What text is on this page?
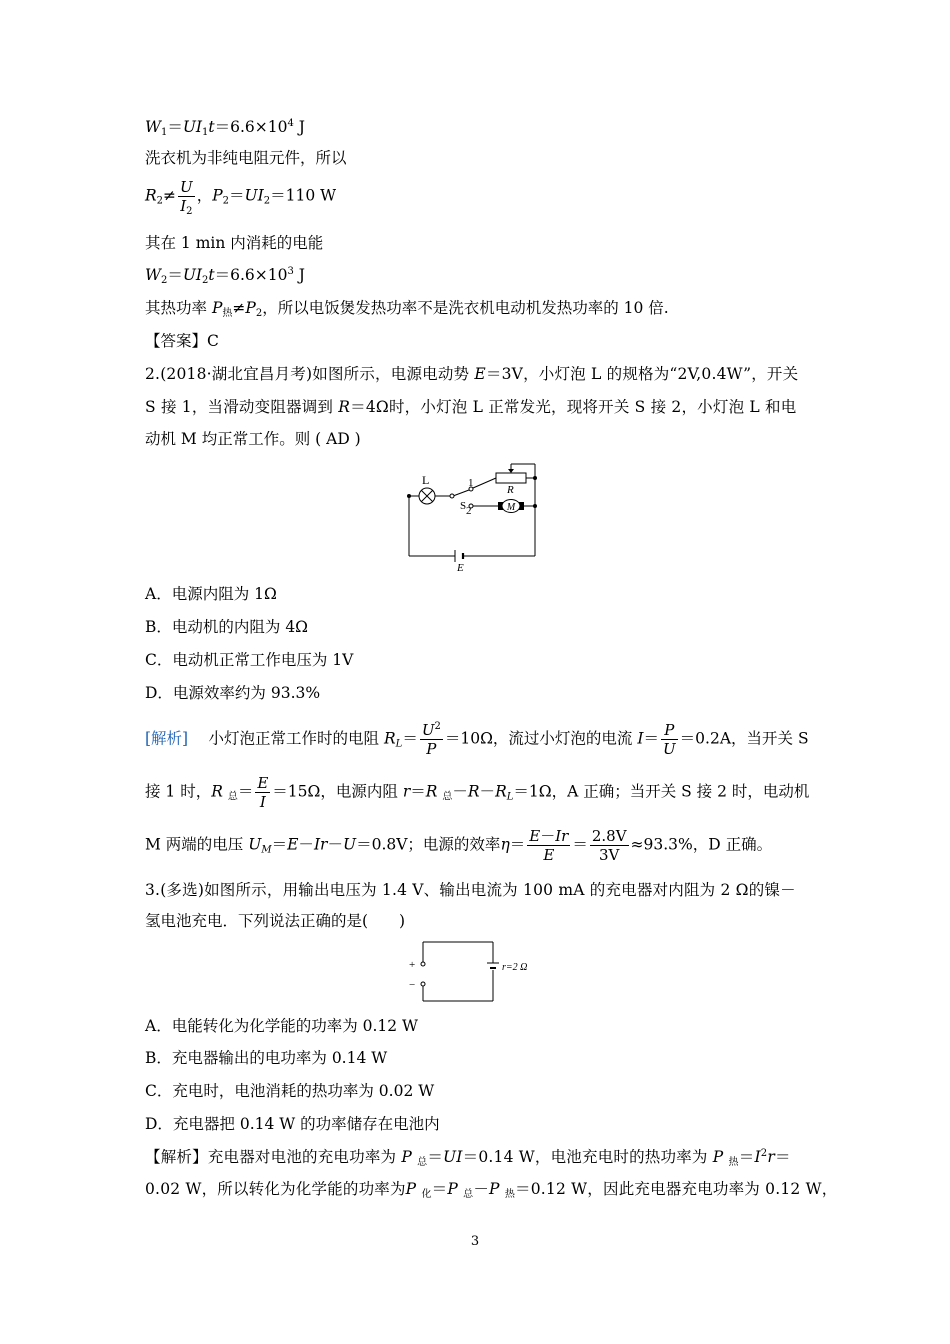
$W_1=UI_1t=6.6\times 10^4$ J
洗衣机为非纯电阻元件，所以
$R_2\ne \frac{U}{I_2}$ ，$P_2=UI_2=110$ W
其在 1 min 内消耗的电能
$W_2=UI_2t=6.6\times 10^3$ J
其热功率 $P_热\ne P_2$，所以电饭煲发热功率不是洗衣机电动机发热功率的 10 倍.
【答案】C
2.(2018·湖北宜昌月考)如图所示，电源电动势 E＝3V，小灯泡 L 的规格为“2V,0.4W”，开关
S 接 1，当滑动变阻器调到 R＝4Ω时，小灯泡 L 正常发光，现将开关 S 接 2，小灯泡 L 和电
动机 M 均正常工作。则 ( AD )
M
L	1
S 2
R
E
A．电源内阻为 1Ω
B．电动机的内阻为 4Ω
C．电动机正常工作电压为 1V
D．电源效率约为 93.3%
[解析]　 小灯泡正常工作时的电阻 $R_L= \frac{U^2}{P} =10\Omega$，流过小灯泡的电流 $I= \frac{P}{U} =0.2A$，当开关 S
接 1 时，R $_总= \frac{E}{I} =15\Omega$，电源内阻 r＝R $_总-R-R_L=1\Omega$，A 正确；当开关 S 接 2 时，电动机
M 两端的电压 $U_M=E-Ir-U=0.8V$；电源的效率$\eta= \frac{E-Ir}{E} = \frac{2.8V}{3V} \approx 93.3\%$，D 正确。
3.(多选)如图所示，用输出电压为 1.4 V、输出电流为 100 mA 的充电器对内阻为 2 Ω的镍－
氢电池充电．下列说法正确的是(　　)
+
−
r=2 Ω
A．电能转化为化学能的功率为 0.12 W
B．充电器输出的电功率为 0.14 W
C．充电时，电池消耗的热功率为 0.02 W
D．充电器把 0.14 W 的功率储存在电池内
【解析】充电器对电池的充电功率为 P $_总$＝UI＝0.14 W，电池充电时的热功率为 P $_热=I^2r=$
0.02 W，所以转化为化学能的功率为P $_化$＝P $_总$－P $_热$＝0.12 W，因此充电器充电功率为 0.12 W，
3
